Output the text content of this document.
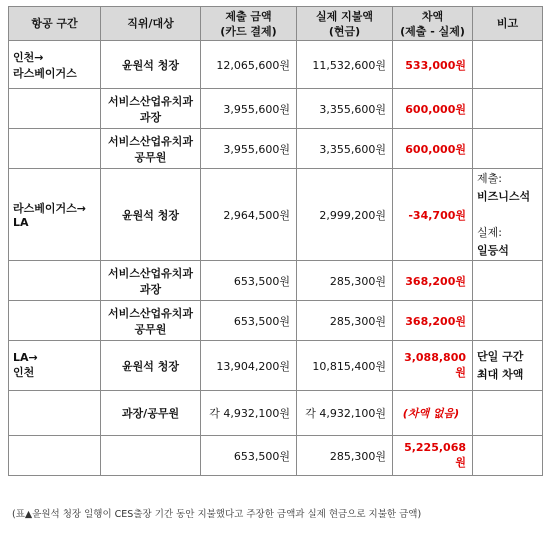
항공 구간	직위/대상	제출 금액
(카드 결제)	실제 지불액
(현금)	차액
(제출 - 실제)	비고
인천→
라스베이거스	윤원석 청장	12,065,600원	11,532,600원	533,000원	
	서비스산업유치과
과장	3,955,600원	3,355,600원	600,000원	
	서비스산업유치과
공무원	3,955,600원	3,355,600원	600,000원	
라스베이거스→
LA	윤원석 청장	2,964,500원	2,999,200원	-34,700원	제출:
비즈니스석
실제:
일등석

	서비스산업유치과
과장	653,500원	285,300원	368,200원	
	서비스산업유치과
공무원	653,500원	285,300원	368,200원	
LA→
인천	윤원석 청장	13,904,200원	10,815,400원	3,088,800원	단일 구간
최대 차액

	과장/공무원	각 4,932,100원	각 4,932,100원	(차액 없음)	
		653,500원	285,300원	5,225,068원	
(표▲윤원석 청장 일행이 CES출장 기간 동안 지불했다고 주장한 금액과 실제 현금으로 지불한 금액)
